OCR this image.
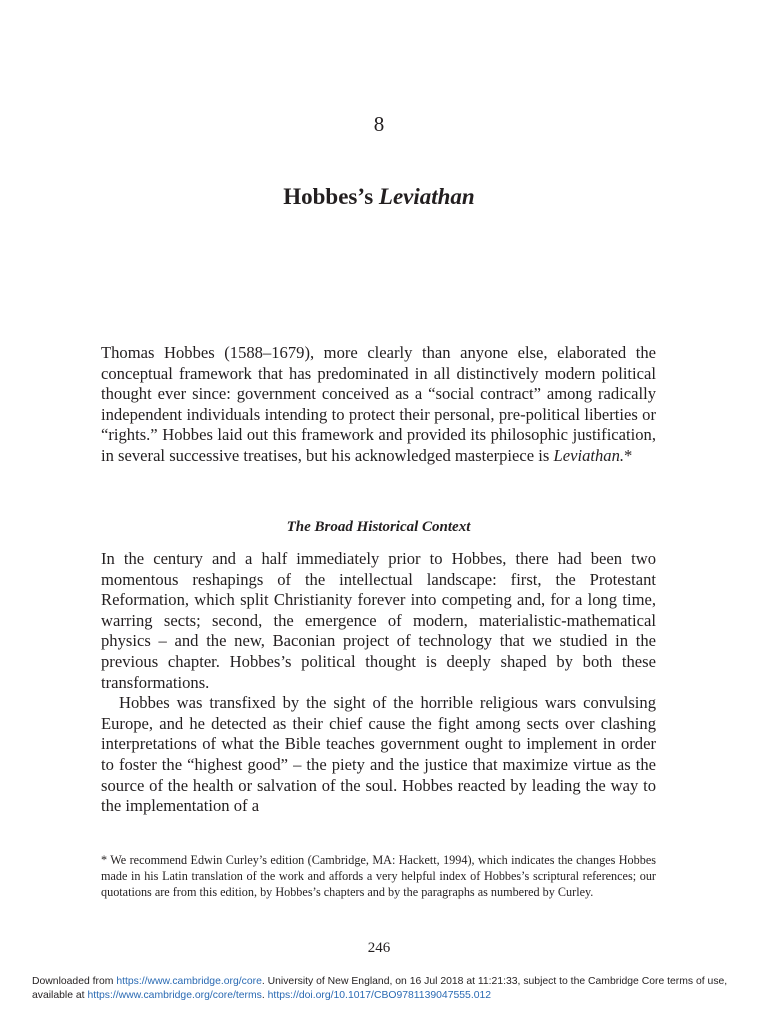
8
Hobbes’s Leviathan

Thomas Hobbes (1588–1679), more clearly than anyone else, elaborated the conceptual framework that has predominated in all distinctively modern political thought ever since: government conceived as a “social contract” among radically independent individuals intending to protect their personal, pre-political liberties or “rights.” Hobbes laid out this framework and provided its philosophic justification, in several successive treatises, but his acknowledged masterpiece is Leviathan.*

The Broad Historical Context

In the century and a half immediately prior to Hobbes, there had been two momentous reshapings of the intellectual landscape: first, the Protestant Reformation, which split Christianity forever into competing and, for a long time, warring sects; second, the emergence of modern, materialistic-mathematical physics – and the new, Baconian project of technology that we studied in the previous chapter. Hobbes’s political thought is deeply shaped by both these transformations.

Hobbes was transfixed by the sight of the horrible religious wars convulsing Europe, and he detected as their chief cause the fight among sects over clashing interpretations of what the Bible teaches government ought to implement in order to foster the “highest good” – the piety and the justice that maximize virtue as the source of the health or salvation of the soul. Hobbes reacted by leading the way to the implementation of a

* We recommend Edwin Curley’s edition (Cambridge, MA: Hackett, 1994), which indicates the changes Hobbes made in his Latin translation of the work and affords a very helpful index of Hobbes’s scriptural references; our quotations are from this edition, by Hobbes’s chapters and by the paragraphs as numbered by Curley.

246
Downloaded from https://www.cambridge.org/core. University of New England, on 16 Jul 2018 at 11:21:33, subject to the Cambridge Core terms of use, available at https://www.cambridge.org/core/terms. https://doi.org/10.1017/CBO9781139047555.012
